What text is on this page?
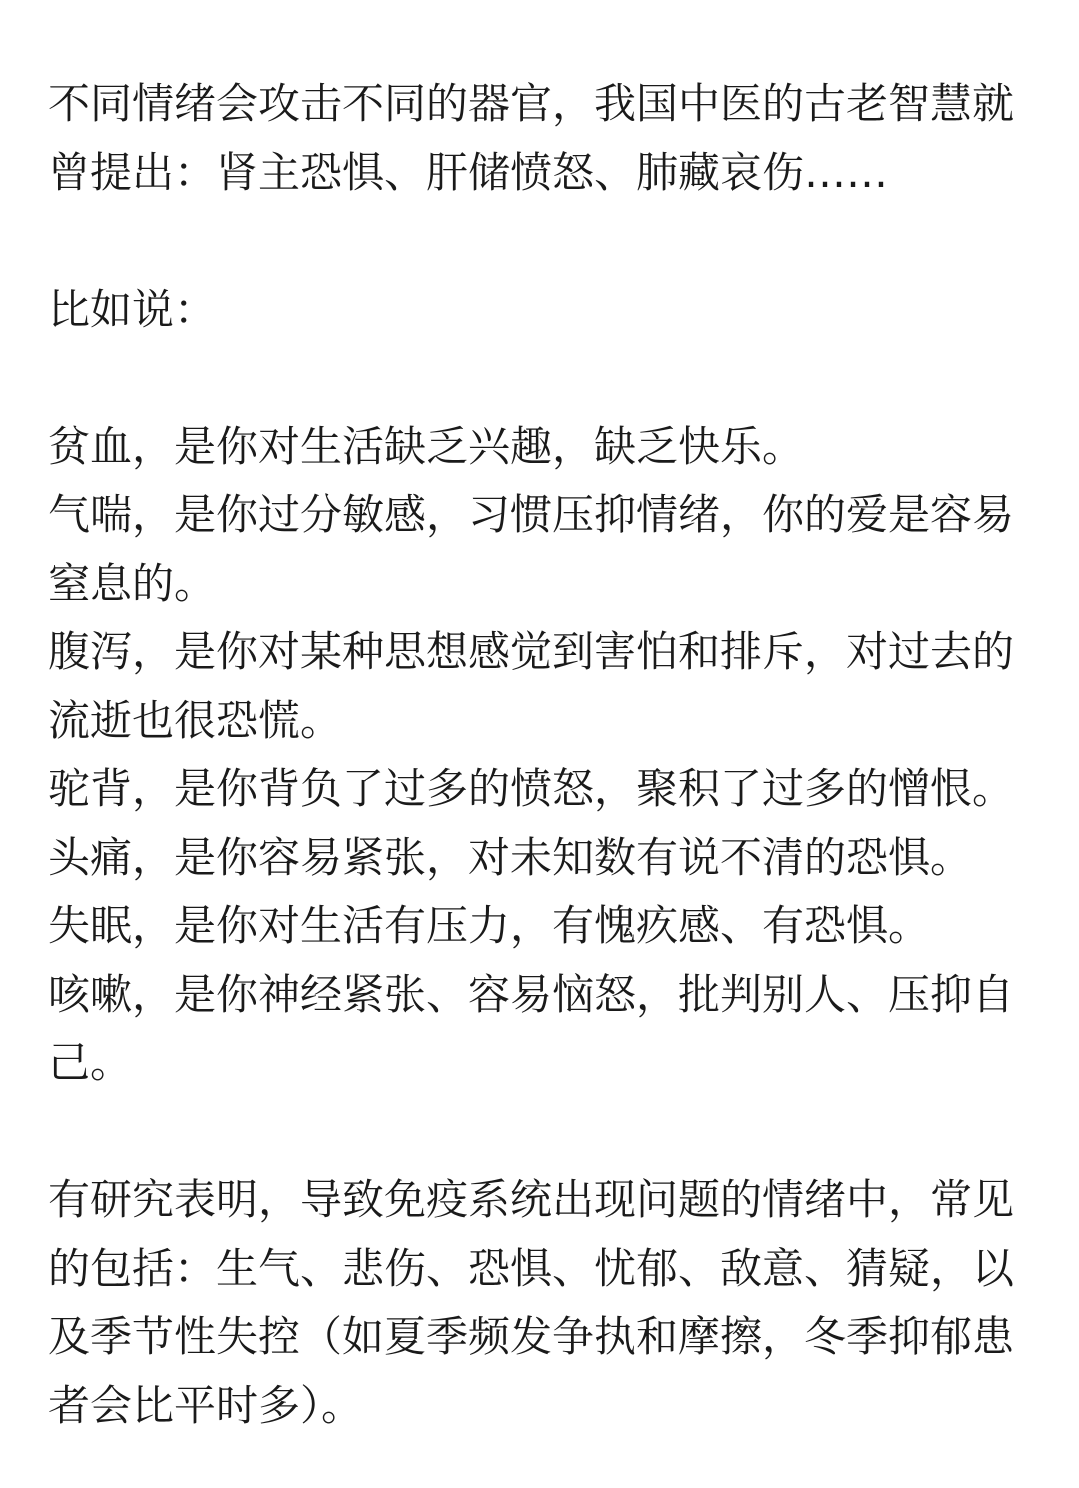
不同情绪会攻击不同的器官，我国中医的古老智慧就曾提出：肾主恐惧、肝储愤怒、肺藏哀伤……

比如说：

贫血，是你对生活缺乏兴趣，缺乏快乐。

气喘，是你过分敏感，习惯压抑情绪，你的爱是容易窒息的。

腹泻，是你对某种思想感觉到害怕和排斥，对过去的流逝也很恐慌。

驼背，是你背负了过多的愤怒，聚积了过多的憎恨。

头痛，是你容易紧张，对未知数有说不清的恐惧。

失眠，是你对生活有压力，有愧疚感、有恐惧。

咳嗽，是你神经紧张、容易恼怒，批判别人、压抑自己。

有研究表明，导致免疫系统出现问题的情绪中，常见的包括：生气、悲伤、恐惧、忧郁、敌意、猜疑，以及季节性失控（如夏季频发争执和摩擦，冬季抑郁患者会比平时多）。
